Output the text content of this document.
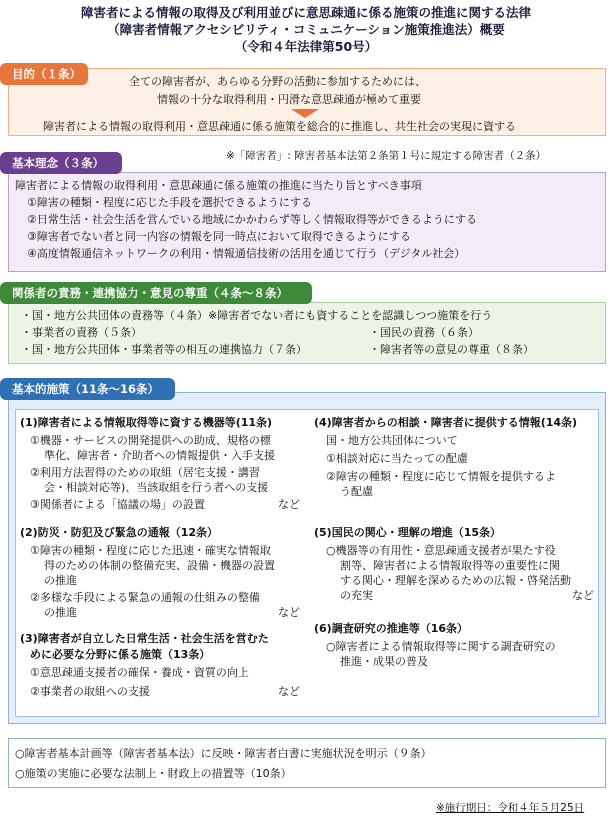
障害者による情報の取得及び利用並びに意思疎通に係る施策の推進に関する法律
（障害者情報アクセシビリティ・コミュニケーション施策推進法）概要
（令和４年法律第50号）
全ての障害者が、あらゆる分野の活動に参加するためには、
情報の十分な取得利用・円滑な意思疎通が極めて重要
障害者による情報の取得利用・意思疎通に係る施策を総合的に推進し、共生社会の実現に資する
目的（１条）
※「障害者」: 障害者基本法第２条第１号に規定する障害者（２条）
障害者による情報の取得利用・意思疎通に係る施策の推進に当たり旨とすべき事項
①障害の種類・程度に応じた手段を選択できるようにする
②日常生活・社会生活を営んでいる地域にかかわらず等しく情報取得等ができるようにする
③障害者でない者と同一内容の情報を同一時点において取得できるようにする
④高度情報通信ネットワークの利用・情報通信技術の活用を通じて行う（デジタル社会）
基本理念（３条）
・国・地方公共団体の責務等（４条）※障害者でない者にも資することを認識しつつ施策を行う
・事業者の責務（５条）	・国民の責務（６条）
・国・地方公共団体・事業者等の相互の連携協力（７条）	・障害者等の意見の尊重（８条）
関係者の責務・連携協力・意見の尊重（４条～８条）
(1)障害者による情報取得等に資する機器等(11条)
①機器・サービスの開発提供への助成、規格の標
準化、障害者・介助者への情報提供・入手支援
②利用方法習得のための取組（居宅支援・講習
会・相談対応等)、当該取組を行う者への支援
③関係者による「協議の場」の設置	など
(2)防災・防犯及び緊急の通報（12条）
①障害の種類・程度に応じた迅速・確実な情報取
得のための体制の整備充実、設備・機器の設置
の推進
②多様な手段による緊急の通報の仕組みの整備
の推進	など
(3)障害者が自立した日常生活・社会生活を営むた
めに必要な分野に係る施策（13条）
①意思疎通支援者の確保・養成・資質の向上
②事業者の取組への支援	など
(4)障害者からの相談・障害者に提供する情報(14条)
国・地方公共団体について
①相談対応に当たっての配慮
②障害の種類・程度に応じて情報を提供するよ
う配慮
(5)国民の関心・理解の増進（15条）
○機器等の有用性・意思疎通支援者が果たす役
割等、障害者による情報取得等の重要性に関
する関心・理解を深めるための広報・啓発活動
の充実	など
(6)調査研究の推進等（16条）
○障害者による情報取得等に関する調査研究の
推進・成果の普及
基本的施策（11条～16条）
○障害者基本計画等（障害者基本法）に反映・障害者白書に実施状況を明示（９条）
○施策の実施に必要な法制上・財政上の措置等（10条）
※施行期日：令和４年５月25日
